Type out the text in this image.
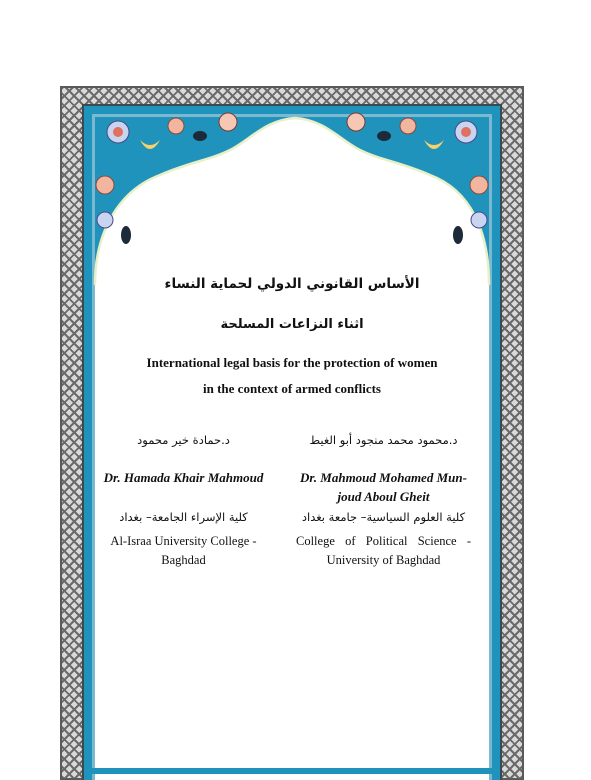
الأساس القانوني الدولي لحماية النساء

اثناء النزاعات المسلحة

International legal basis for the protection of women
in the context of armed conflicts

د.محمود محمد منجود أبو الغيط

Dr. Mahmoud Mohamed Mun-joud Aboul Gheit

كلية العلوم السياسية– جامعة بغداد

College of Political Science - University of Baghdad

د.حمادة خير محمود

Dr. Hamada Khair Mahmoud

كلية الإسراء الجامعة– بغداد

Al-Israa University College - Baghdad
